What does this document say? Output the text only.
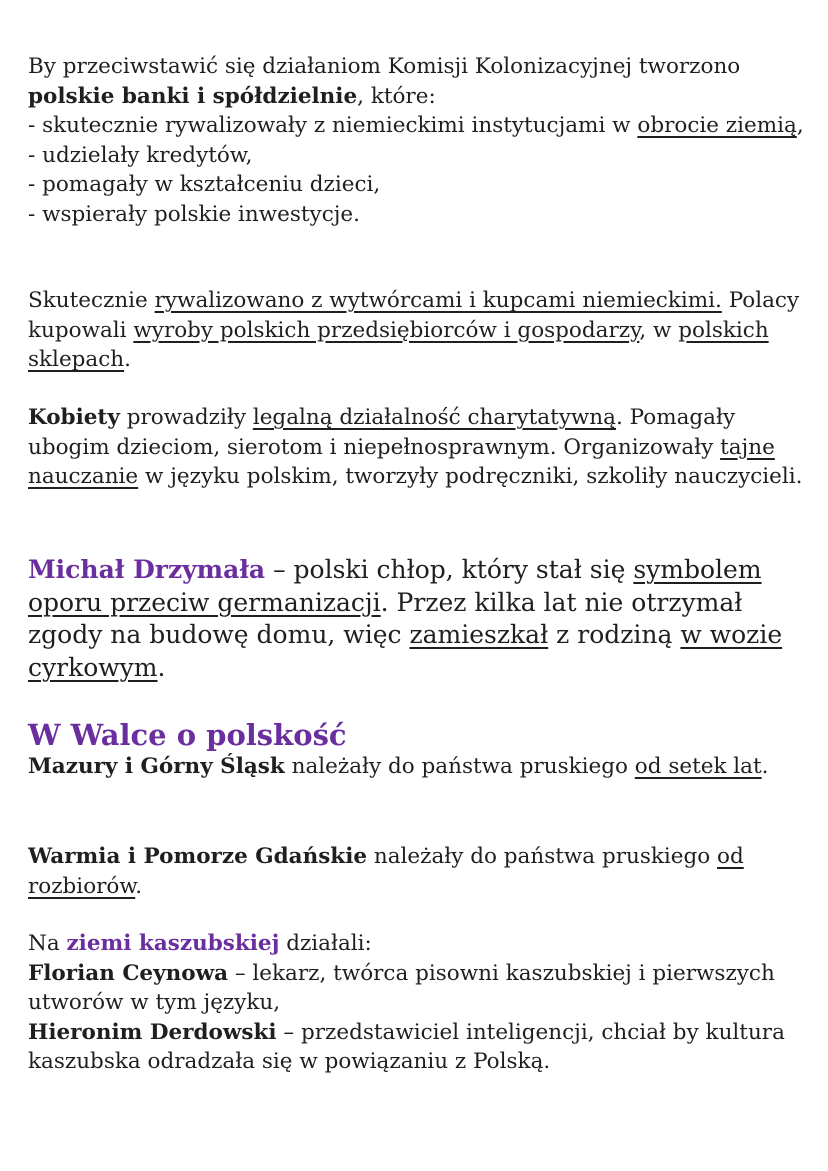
By przeciwstawić się działaniom Komisji Kolonizacyjnej tworzono polskie banki i spółdzielnie, które:
- skutecznie rywalizowały z niemieckimi instytucjami w obrocie ziemią,
- udzielały kredytów,
- pomagały w kształceniu dzieci,
- wspierały polskie inwestycje.

Skutecznie rywalizowano z wytwórcami i kupcami niemieckimi. Polacy kupowali wyroby polskich przedsiębiorców i gospodarzy, w polskich sklepach.

Kobiety prowadziły legalną działalność charytatywną. Pomagały ubogim dzieciom, sierotom i niepełnosprawnym. Organizowały tajne nauczanie w języku polskim, tworzyły podręczniki, szkoliły nauczycieli.

Michał Drzymała – polski chłop, który stał się symbolem oporu przeciw germanizacji. Przez kilka lat nie otrzymał zgody na budowę domu, więc zamieszkał z rodziną w wozie cyrkowym.

W Walce o polskość

Mazury i Górny Śląsk należały do państwa pruskiego od setek lat.

Warmia i Pomorze Gdańskie należały do państwa pruskiego od rozbiorów.

Na ziemi kaszubskiej działali:
Florian Ceynowa – lekarz, twórca pisowni kaszubskiej i pierwszych utworów w tym języku,
Hieronim Derdowski – przedstawiciel inteligencji, chciał by kultura kaszubska odradzała się w powiązaniu z Polską.
